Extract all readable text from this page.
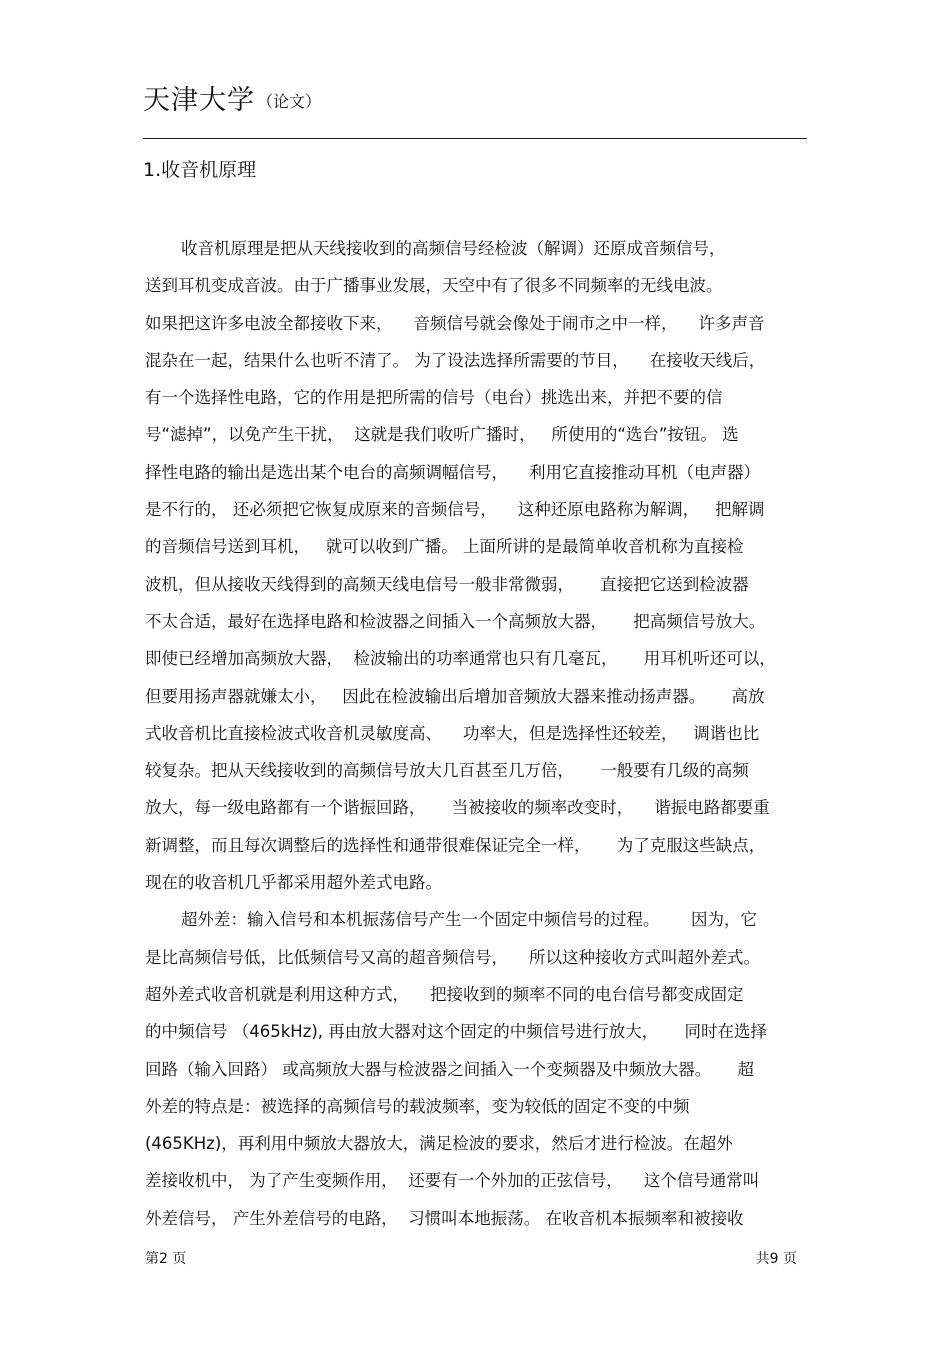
天津大学 （论文）
1.收音机原理
收音机原理是把从天线接收到的高频信号经检波（解调）还原成音频信号，
送到耳机变成音波。由于广播事业发展，天空中有了很多不同频率的无线电波。
如果把这许多电波全都接收下来，    音频信号就会像处于闹市之中一样，    许多声音
混杂在一起，结果什么也听不清了。 为了设法选择所需要的节目，    在接收天线后，
有一个选择性电路，它的作用是把所需的信号（电台）挑选出来，并把不要的信
号“滤掉”，以免产生干扰，  这就是我们收听广播时，   所使用的“选台”按钮。 选
择性电路的输出是选出某个电台的高频调幅信号，    利用它直接推动耳机（电声器）
是不行的， 还必须把它恢复成原来的音频信号，    这种还原电路称为解调，   把解调
的音频信号送到耳机，   就可以收到广播。 上面所讲的是最简单收音机称为直接检
波机，但从接收天线得到的高频天线电信号一般非常微弱，     直接把它送到检波器
不太合适，最好在选择电路和检波器之间插入一个高频放大器，     把高频信号放大。
即使已经增加高频放大器，  检波输出的功率通常也只有几毫瓦，     用耳机听还可以，
但要用扬声器就嫌太小，   因此在检波输出后增加音频放大器来推动扬声器。     高放
式收音机比直接检波式收音机灵敏度高、    功率大，但是选择性还较差，   调谐也比
较复杂。把从天线接收到的高频信号放大几百甚至几万倍，     一般要有几级的高频
放大，每一级电路都有一个谐振回路，     当被接收的频率改变时，    谐振电路都要重
新调整，而且每次调整后的选择性和通带很难保证完全一样，     为了克服这些缺点，
现在的收音机几乎都采用超外差式电路。
超外差：输入信号和本机振荡信号产生一个固定中频信号的过程。      因为，它
是比高频信号低，比低频信号又高的超音频信号，    所以这种接收方式叫超外差式。
超外差式收音机就是利用这种方式，    把接收到的频率不同的电台信号都变成固定
的中频信号 （465kHz), 再由放大器对这个固定的中频信号进行放大，     同时在选择
回路（输入回路） 或高频放大器与检波器之间插入一个变频器及中频放大器。     超
外差的特点是：被选择的高频信号的载波频率，变为较低的固定不变的中频
(465KHz)，再利用中频放大器放大，满足检波的要求，然后才进行检波。在超外
差接收机中， 为了产生变频作用，  还要有一个外加的正弦信号，    这个信号通常叫
外差信号， 产生外差信号的电路，  习惯叫本地振荡。 在收音机本振频率和被接收
第2 页	共9 页
